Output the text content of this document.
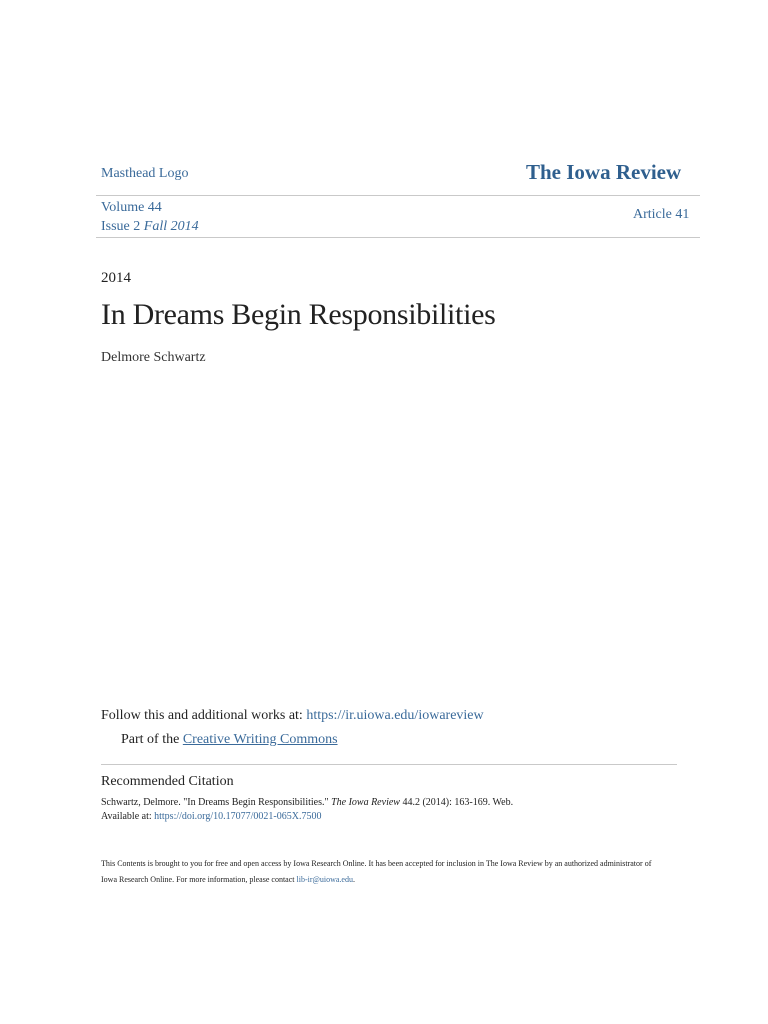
Masthead Logo	The Iowa Review
Volume 44
Issue 2 Fall 2014
Article 41
2014
In Dreams Begin Responsibilities
Delmore Schwartz
Follow this and additional works at: https://ir.uiowa.edu/iowareview
Part of the Creative Writing Commons
Recommended Citation
Schwartz, Delmore. "In Dreams Begin Responsibilities." The Iowa Review 44.2 (2014): 163-169. Web.
Available at: https://doi.org/10.17077/0021-065X.7500
This Contents is brought to you for free and open access by Iowa Research Online. It has been accepted for inclusion in The Iowa Review by an authorized administrator of Iowa Research Online. For more information, please contact lib-ir@uiowa.edu.
